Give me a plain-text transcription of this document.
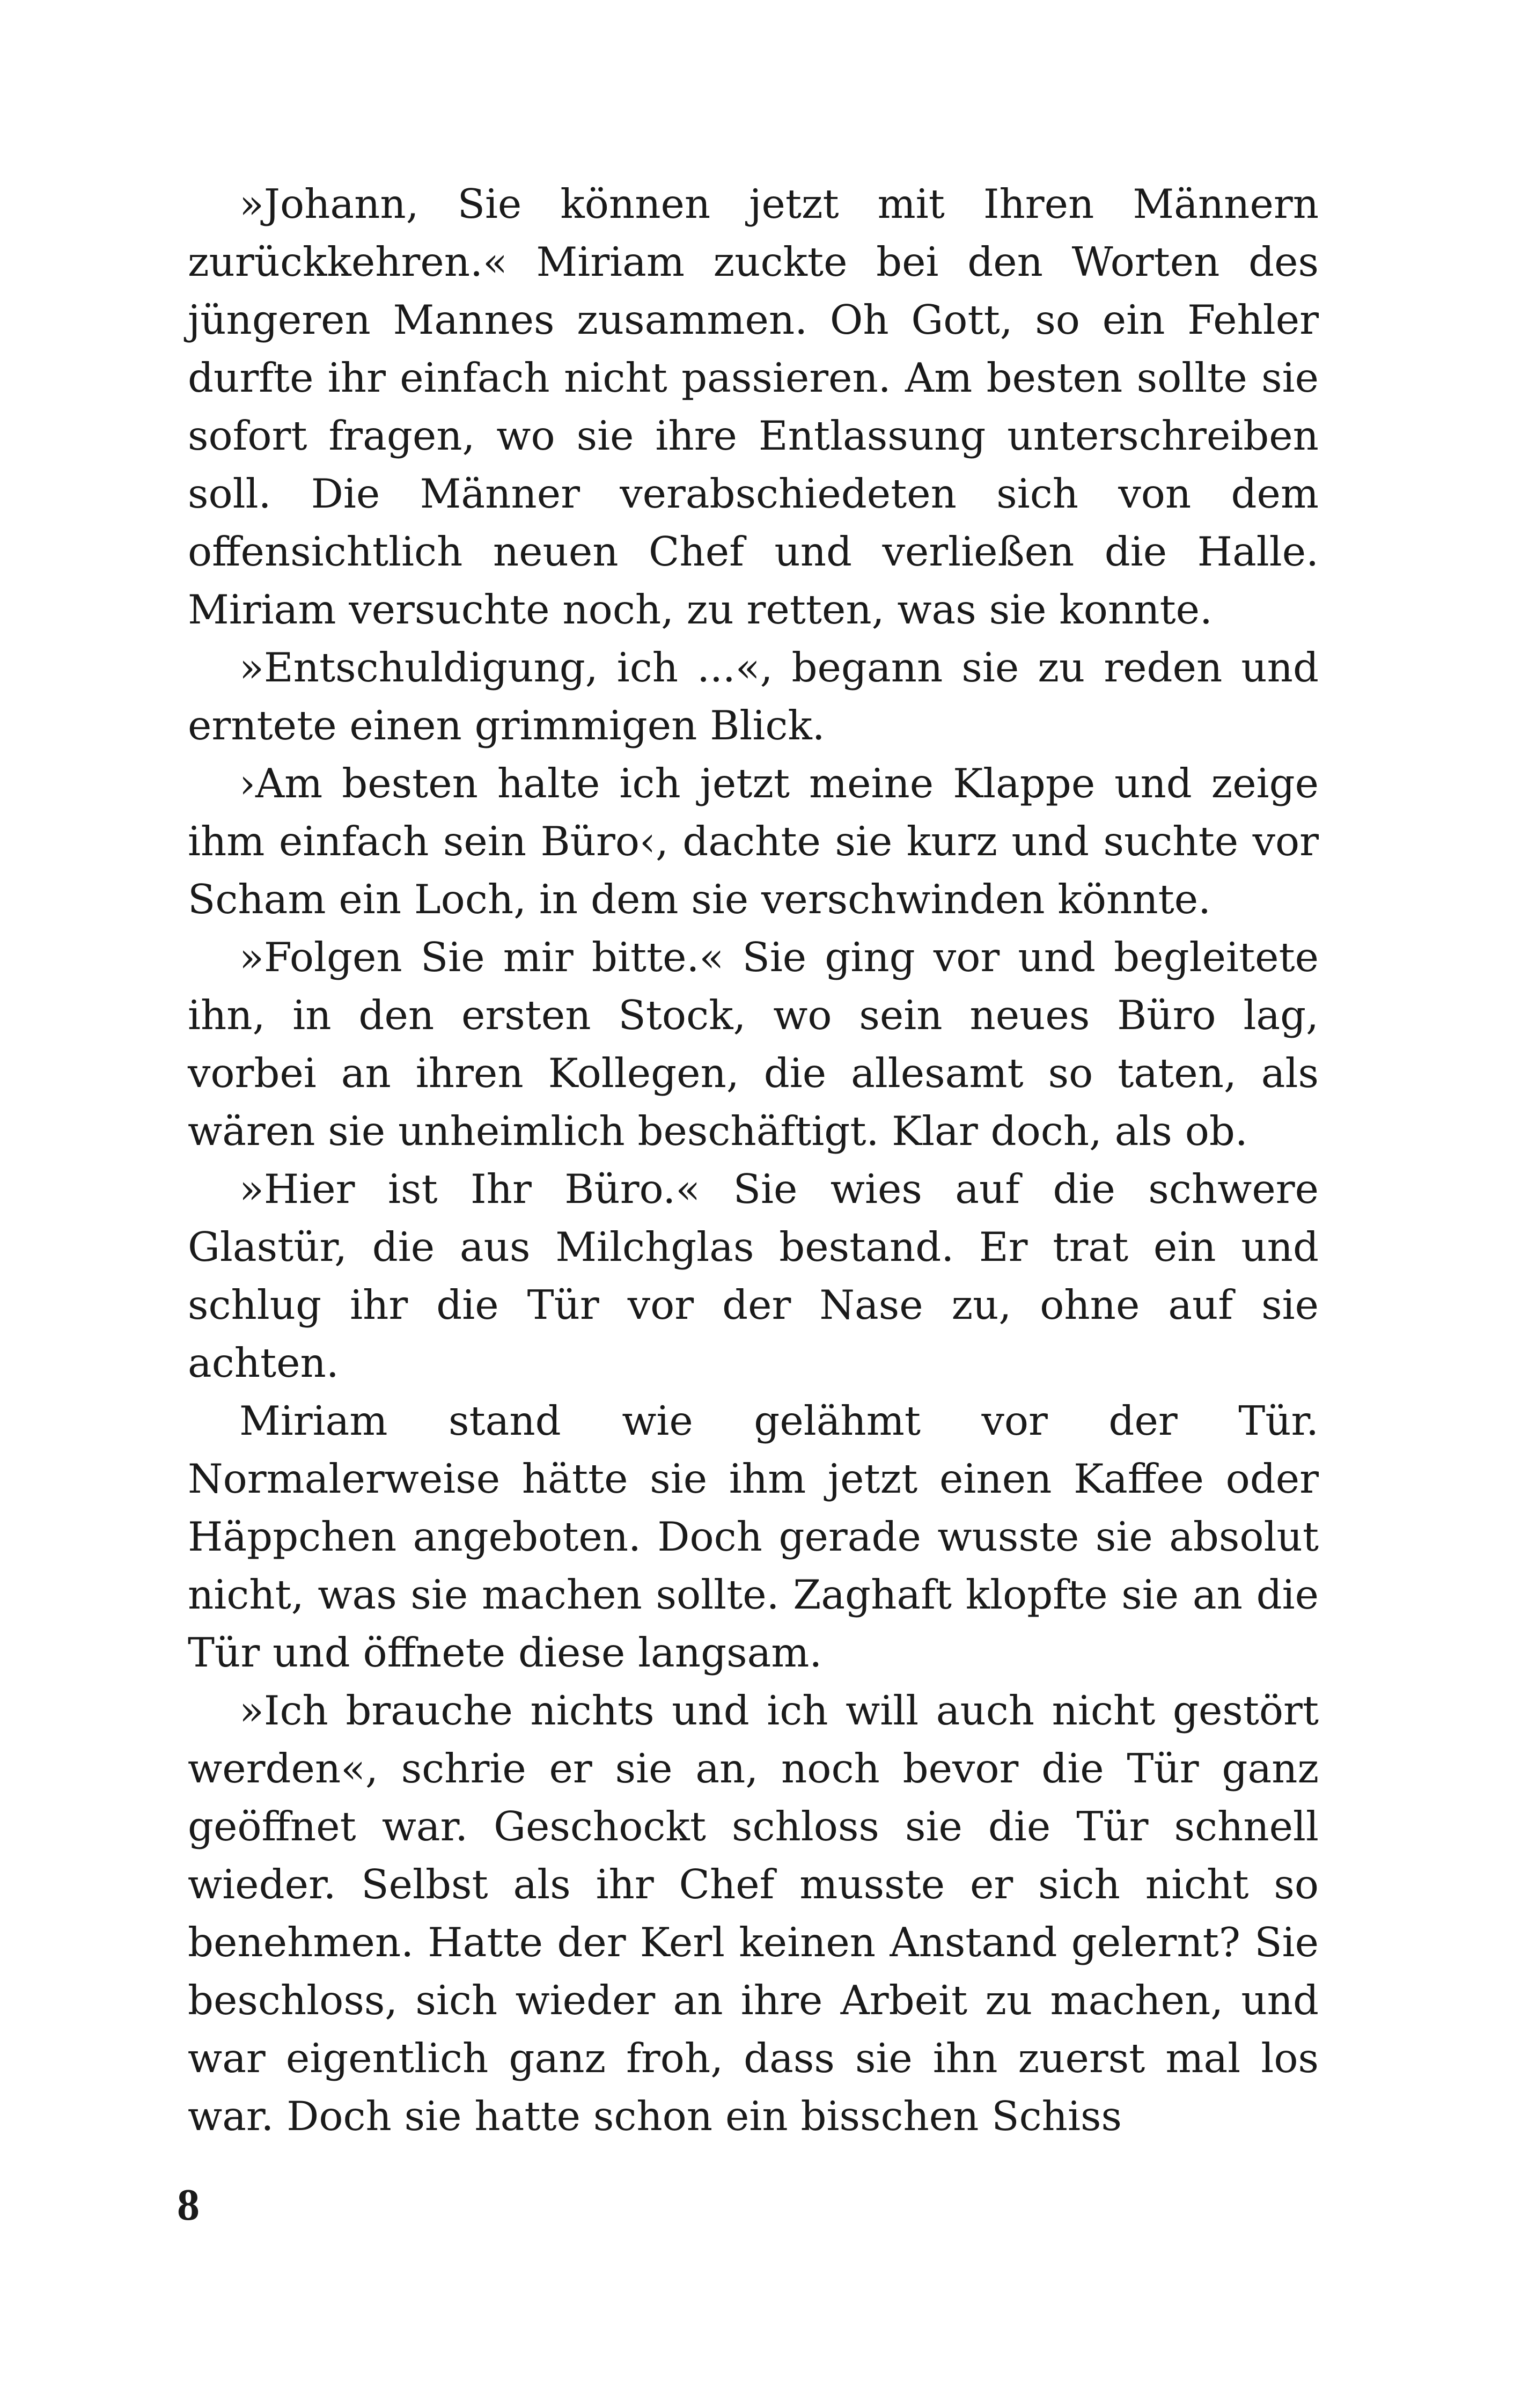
»Johann, Sie können jetzt mit Ihren Männern zurückkehren.« Miriam zuckte bei den Worten des jüngeren Mannes zusammen. Oh Gott, so ein Fehler durfte ihr einfach nicht passieren. Am besten sollte sie sofort fragen, wo sie ihre Entlassung unterschreiben soll. Die Männer verabschiedeten sich von dem offensichtlich neuen Chef und verließen die Halle. Miriam versuchte noch, zu retten, was sie konnte.

»Entschuldigung, ich ...«, begann sie zu reden und erntete einen grimmigen Blick.

›Am besten halte ich jetzt meine Klappe und zeige ihm einfach sein Büro‹, dachte sie kurz und suchte vor Scham ein Loch, in dem sie verschwinden könnte.

»Folgen Sie mir bitte.« Sie ging vor und begleitete ihn, in den ersten Stock, wo sein neues Büro lag, vorbei an ihren Kollegen, die allesamt so taten, als wären sie unheimlich beschäftigt. Klar doch, als ob.

»Hier ist Ihr Büro.« Sie wies auf die schwere Glastür, die aus Milchglas bestand. Er trat ein und schlug ihr die Tür vor der Nase zu, ohne auf sie achten.

Miriam stand wie gelähmt vor der Tür. Normalerweise hätte sie ihm jetzt einen Kaffee oder Häppchen angeboten. Doch gerade wusste sie absolut nicht, was sie machen sollte. Zaghaft klopfte sie an die Tür und öffnete diese langsam.

»Ich brauche nichts und ich will auch nicht gestört werden«, schrie er sie an, noch bevor die Tür ganz geöffnet war. Geschockt schloss sie die Tür schnell wieder. Selbst als ihr Chef musste er sich nicht so benehmen. Hatte der Kerl keinen Anstand gelernt? Sie beschloss, sich wieder an ihre Arbeit zu machen, und war eigentlich ganz froh, dass sie ihn zuerst mal los war. Doch sie hatte schon ein bisschen Schiss

8
